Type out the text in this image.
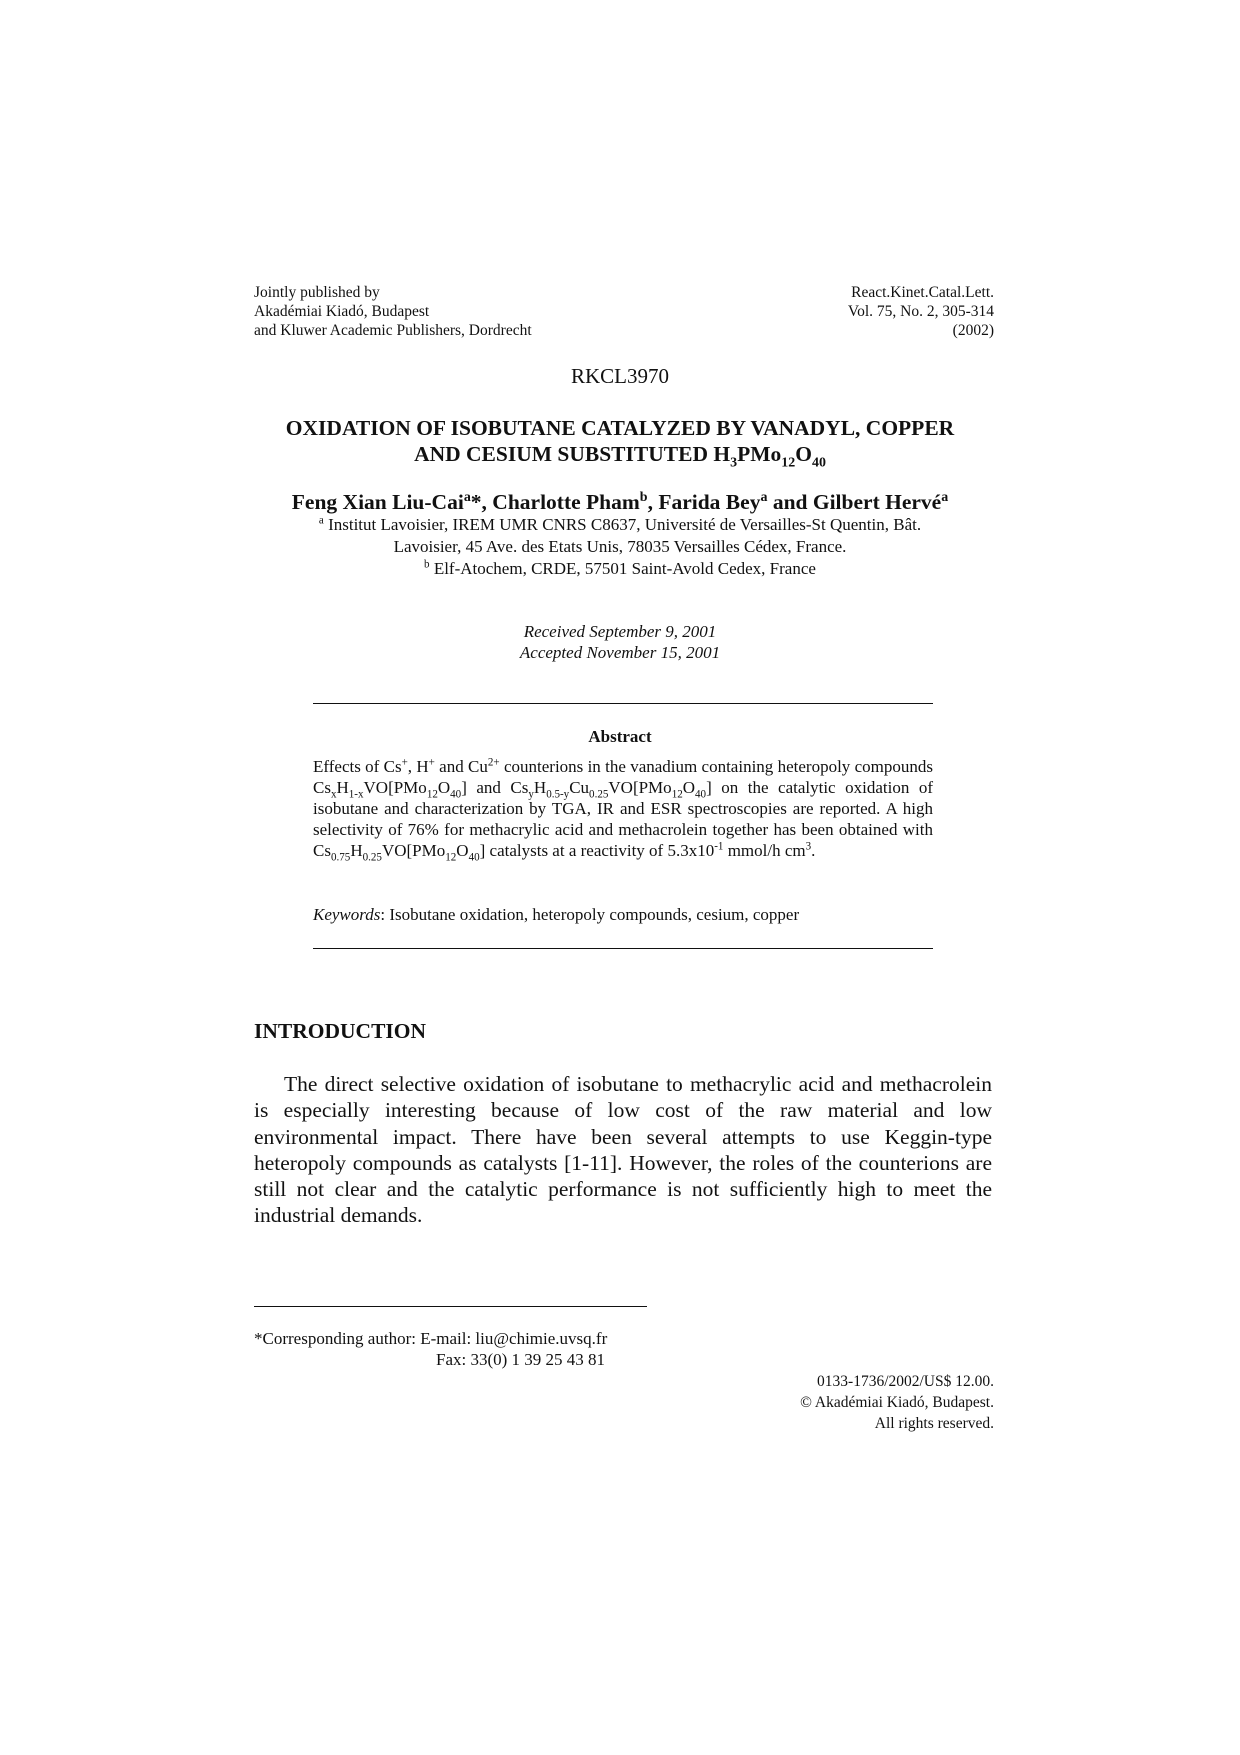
Jointly published by
Akadémiai Kiadó, Budapest
and Kluwer Academic Publishers, Dordrecht
React.Kinet.Catal.Lett.
Vol. 75, No. 2, 305-314
(2002)
RKCL3970
OXIDATION OF ISOBUTANE CATALYZED BY VANADYL, COPPER
AND CESIUM SUBSTITUTED $H_3PMo_{12}O_{40}$
Feng Xian Liu-Cai$^a$*, Charlotte Pham$^b$, Farida Bey$^a$ and Gilbert Hervé$^a$
$^a$ Institut Lavoisier, IREM UMR CNRS C8637, Université de Versailles-St Quentin, Bât.
Lavoisier, 45 Ave. des Etats Unis, 78035 Versailles Cédex, France.
$^b$ Elf-Atochem, CRDE, 57501 Saint-Avold Cedex, France
Received September 9, 2001
Accepted November 15, 2001
Abstract
Effects of Cs+, H+ and $Cu^{2+}$ counterions in the vanadium containing heteropoly compounds $Cs_xH_{1-x}VO[PMo_{12}O_{40}]$ and $Cs_yH_{0.5-y}Cu_{0.25}VO[PMo_{12}O_{40}]$ on the catalytic oxidation of isobutane and characterization by TGA, IR and ESR spectroscopies are reported. A high selectivity of 76% for methacrylic acid and methacrolein together has been obtained with $Cs_{0.75}H_{0.25}VO[PMo_{12}O_{40}]$ catalysts at a reactivity of $5.3x10^{-1}$ mmol/h $cm^3$.
Keywords: Isobutane oxidation, heteropoly compounds, cesium, copper
INTRODUCTION
The direct selective oxidation of isobutane to methacrylic acid and methacrolein is especially interesting because of low cost of the raw material and low environmental impact. There have been several attempts to use Keggin-type heteropoly compounds as catalysts [1-11]. However, the roles of the counterions are still not clear and the catalytic performance is not sufficiently high to meet the industrial demands.
*Corresponding author: E-mail: liu@chimie.uvsq.fr
Fax: 33(0) 1 39 25 43 81
0133-1736/2002/US$ 12.00.
© Akadémiai Kiadó, Budapest.
All rights reserved.
